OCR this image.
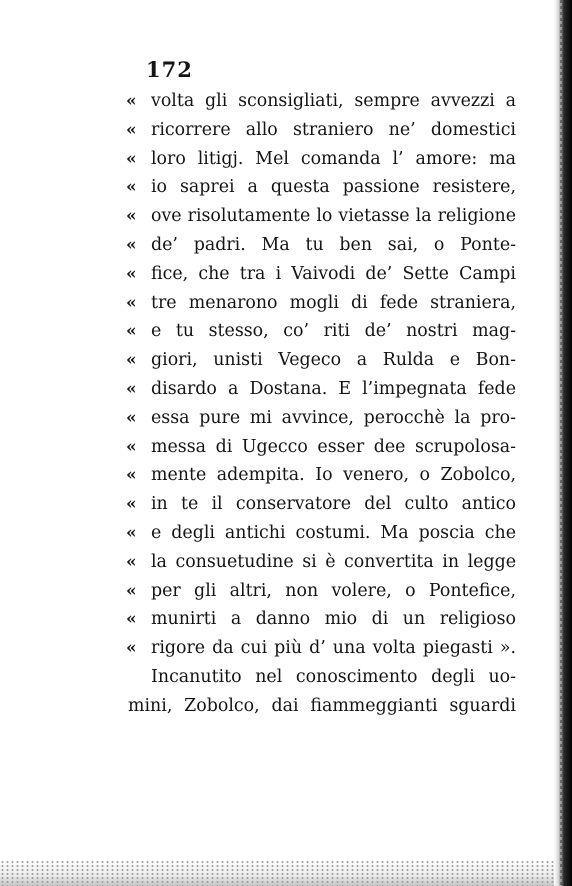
172
« volta gli sconsigliati, sempre avvezzi a
« ricorrere allo straniero ne’ domestici
« loro litigj. Mel comanda l’ amore: ma
« io saprei a questa passione resistere,
« ove risolutamente lo vietasse la religione
« de’ padri. Ma tu ben sai, o Ponte-
« fice, che tra i Vaivodi de’ Sette Campi
« tre menarono mogli di fede straniera,
« e tu stesso, co’ riti de’ nostri mag-
« giori, unisti Vegeco a Rulda e Bon-
« disardo a Dostana. E l’impegnata fede
« essa pure mi avvince, perocchè la pro-
« messa di Ugecco esser dee scrupolosa-
« mente adempita. Io venero, o Zobolco,
« in te il conservatore del culto antico
« e degli antichi costumi. Ma poscia che
« la consuetudine si è convertita in legge
« per gli altri, non volere, o Pontefice,
« munirti a danno mio di un religioso
« rigore da cui più d’ una volta piegasti ».
Incanutito nel conoscimento degli uo-
mini, Zobolco, dai fiammeggianti sguardi
